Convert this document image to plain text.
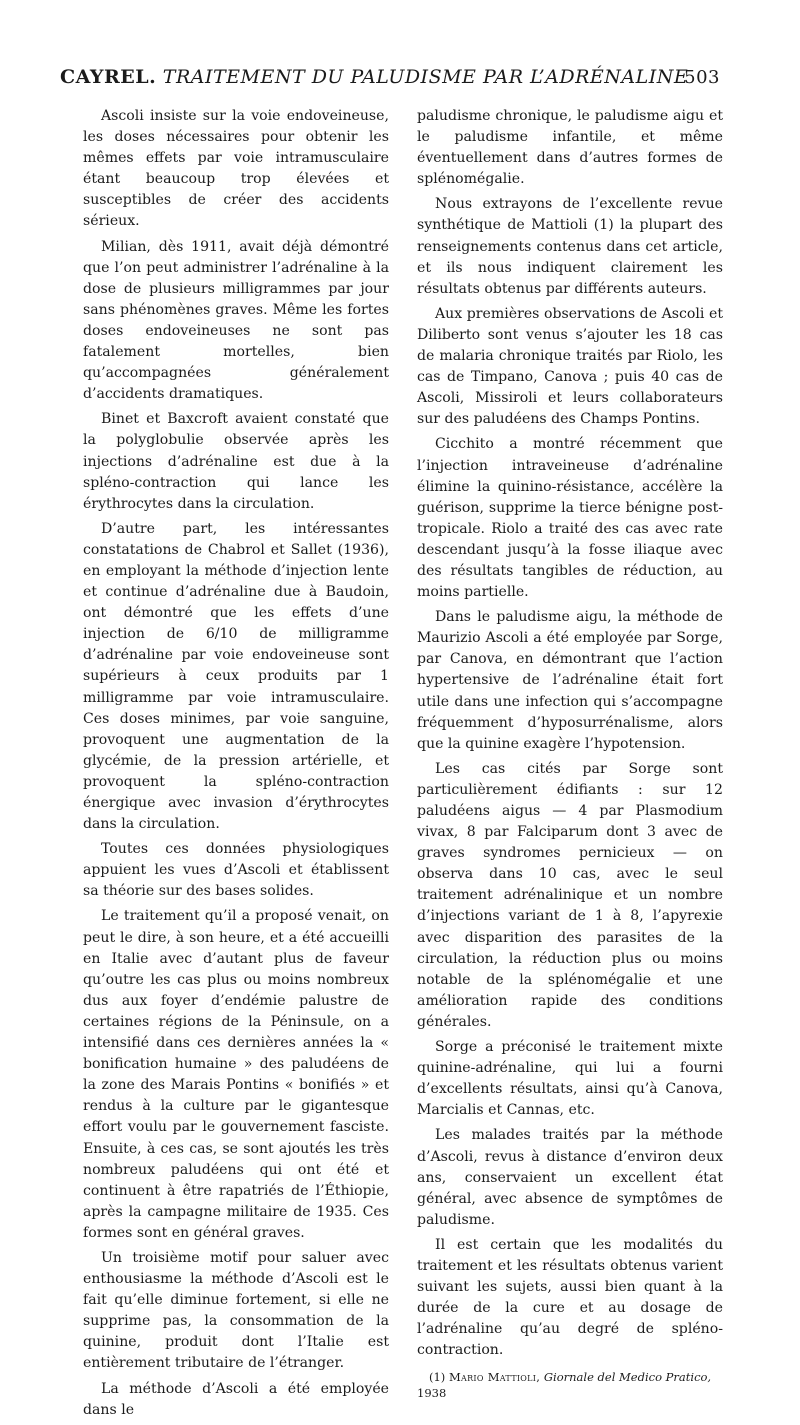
CAYREL. TRAITEMENT DU PALUDISME PAR L’ADRÉNALINE
503

Ascoli insiste sur la voie endoveineuse, les doses nécessaires pour obtenir les mêmes effets par voie intramusculaire étant beaucoup trop élevées et susceptibles de créer des accidents sérieux.

Milian, dès 1911, avait déjà démontré que l’on peut administrer l’adrénaline à la dose de plusieurs milligrammes par jour sans phénomènes graves. Même les fortes doses endoveineuses ne sont pas fatalement mortelles, bien qu’accompagnées généralement d’accidents dramatiques.

Binet et Baxcroft avaient constaté que la polyglobulie observée après les injections d’adrénaline est due à la spléno-contraction qui lance les érythrocytes dans la circulation.

D’autre part, les intéressantes constatations de Chabrol et Sallet (1936), en employant la méthode d’injection lente et continue d’adrénaline due à Baudoin, ont démontré que les effets d’une injection de 6/10 de milligramme d’adrénaline par voie endoveineuse sont supérieurs à ceux produits par 1 milligramme par voie intramusculaire. Ces doses minimes, par voie sanguine, provoquent une augmentation de la glycémie, de la pression artérielle, et provoquent la spléno-contraction énergique avec invasion d’érythrocytes dans la circulation.

Toutes ces données physiologiques appuient les vues d’Ascoli et établissent sa théorie sur des bases solides.

Le traitement qu’il a proposé venait, on peut le dire, à son heure, et a été accueilli en Italie avec d’autant plus de faveur qu’outre les cas plus ou moins nombreux dus aux foyer d’endémie palustre de certaines régions de la Péninsule, on a intensifié dans ces dernières années la « bonification humaine » des paludéens de la zone des Marais Pontins « bonifiés » et rendus à la culture par le gigantesque effort voulu par le gouvernement fasciste. Ensuite, à ces cas, se sont ajoutés les très nombreux paludéens qui ont été et continuent à être rapatriés de l’Éthiopie, après la campagne militaire de 1935. Ces formes sont en général graves.

Un troisième motif pour saluer avec enthousiasme la méthode d’Ascoli est le fait qu’elle diminue fortement, si elle ne supprime pas, la consommation de la quinine, produit dont l’Italie est entièrement tributaire de l’étranger.

La méthode d’Ascoli a été employée dans le

paludisme chronique, le paludisme aigu et le paludisme infantile, et même éventuellement dans d’autres formes de splénomégalie.

Nous extrayons de l’excellente revue synthétique de Mattioli (1) la plupart des renseignements contenus dans cet article, et ils nous indiquent clairement les résultats obtenus par différents auteurs.

Aux premières observations de Ascoli et Diliberto sont venus s’ajouter les 18 cas de malaria chronique traités par Riolo, les cas de Timpano, Canova ; puis 40 cas de Ascoli, Missiroli et leurs collaborateurs sur des paludéens des Champs Pontins.

Cicchito a montré récemment que l’injection intraveineuse d’adrénaline élimine la quinino-résistance, accélère la guérison, supprime la tierce bénigne post-tropicale. Riolo a traité des cas avec rate descendant jusqu’à la fosse iliaque avec des résultats tangibles de réduction, au moins partielle.

Dans le paludisme aigu, la méthode de Maurizio Ascoli a été employée par Sorge, par Canova, en démontrant que l’action hypertensive de l’adrénaline était fort utile dans une infection qui s’accompagne fréquemment d’hyposurrénalisme, alors que la quinine exagère l’hypotension.

Les cas cités par Sorge sont particulièrement édifiants : sur 12 paludéens aigus — 4 par Plasmodium vivax, 8 par Falciparum dont 3 avec de graves syndromes pernicieux — on observa dans 10 cas, avec le seul traitement adrénalinique et un nombre d’injections variant de 1 à 8, l’apyrexie avec disparition des parasites de la circulation, la réduction plus ou moins notable de la splénomégalie et une amélioration rapide des conditions générales.

Sorge a préconisé le traitement mixte quinine-adrénaline, qui lui a fourni d’excellents résultats, ainsi qu’à Canova, Marcialis et Cannas, etc.

Les malades traités par la méthode d’Ascoli, revus à distance d’environ deux ans, conservaient un excellent état général, avec absence de symptômes de paludisme.

Il est certain que les modalités du traitement et les résultats obtenus varient suivant les sujets, aussi bien quant à la durée de la cure et au dosage de l’adrénaline qu’au degré de spléno-contraction.

(1) Mario Mattioli, Giornale del Medico Pratico, 1938
